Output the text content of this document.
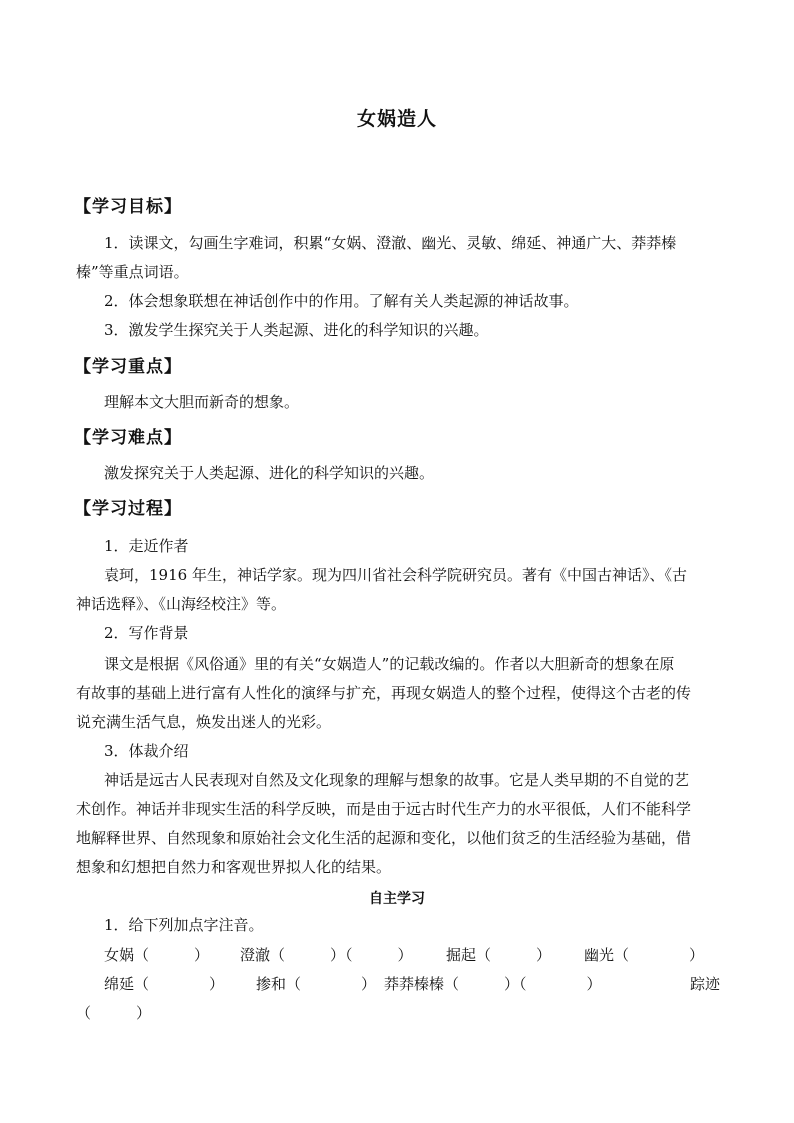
女娲造人
【学习目标】
1．读课文，勾画生字难词，积累“女娲、澄澈、幽光、灵敏、绵延、神通广大、莽莽榛
榛”等重点词语。
2．体会想象联想在神话创作中的作用。了解有关人类起源的神话故事。
3．激发学生探究关于人类起源、进化的科学知识的兴趣。
【学习重点】
理解本文大胆而新奇的想象。
【学习难点】
激发探究关于人类起源、进化的科学知识的兴趣。
【学习过程】
1．走近作者
袁珂，1916 年生，神话学家。现为四川省社会科学院研究员。著有《中国古神话》、《古
神话选释》、《山海经校注》等。
2．写作背景
课文是根据《风俗通》里的有关“女娲造人”的记载改编的。作者以大胆新奇的想象在原
有故事的基础上进行富有人性化的演绎与扩充，再现女娲造人的整个过程，使得这个古老的传
说充满生活气息，焕发出迷人的光彩。
3．体裁介绍
神话是远古人民表现对自然及文化现象的理解与想象的故事。它是人类早期的不自觉的艺
术创作。神话并非现实生活的科学反映，而是由于远古时代生产力的水平很低，人们不能科学
地解释世界、自然现象和原始社会文化生活的起源和变化，以他们贫乏的生活经验为基础，借
想象和幻想把自然力和客观世界拟人化的结果。
自主学习
1．给下列加点字注音。
女娲（　　　） 澄澈（　　　）（　　　） 掘起（　　　） 幽光（　　　　）
绵延（　　　　） 掺和（　　　　） 莽莽榛榛（　　　）（　　　　）	踪迹
（　　　）
